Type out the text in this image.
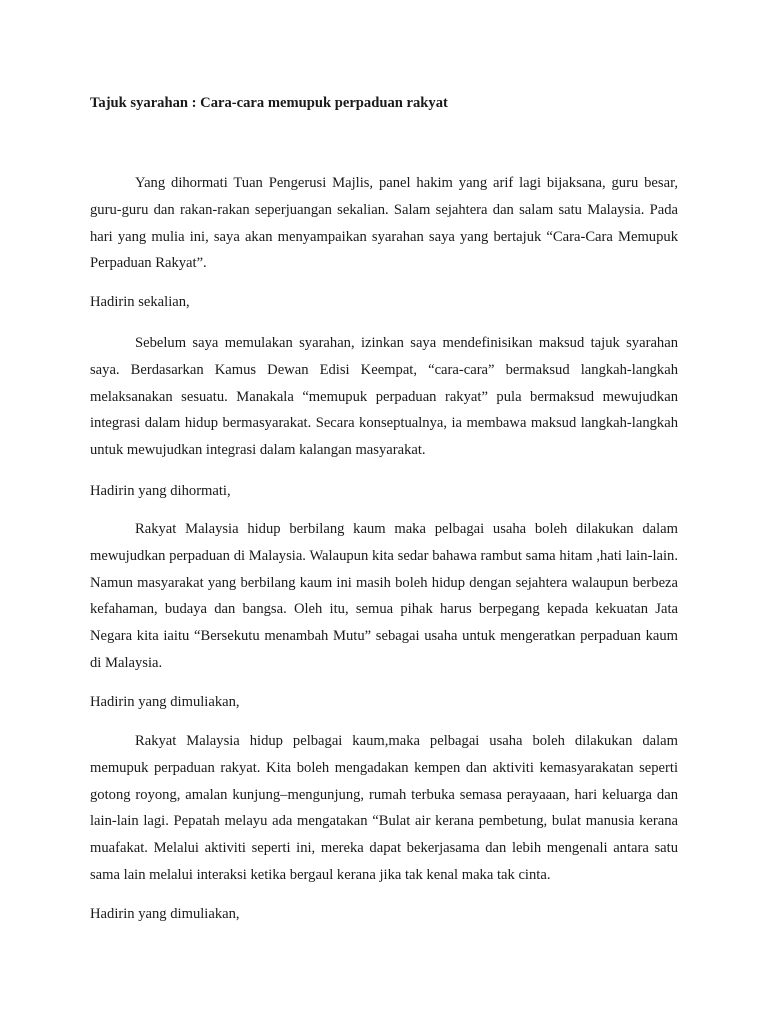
Tajuk syarahan : Cara-cara memupuk perpaduan rakyat

Yang dihormati Tuan Pengerusi Majlis, panel hakim yang arif lagi bijaksana, guru besar, guru-guru dan rakan-rakan seperjuangan sekalian. Salam sejahtera dan salam satu Malaysia. Pada hari yang mulia ini, saya akan menyampaikan syarahan saya yang bertajuk “Cara-Cara Memupuk Perpaduan Rakyat”.

Hadirin sekalian,

Sebelum saya memulakan syarahan, izinkan saya mendefinisikan maksud tajuk syarahan saya. Berdasarkan Kamus Dewan Edisi Keempat, “cara-cara” bermaksud langkah-langkah melaksanakan sesuatu. Manakala “memupuk perpaduan rakyat” pula bermaksud mewujudkan integrasi dalam hidup bermasyarakat. Secara konseptualnya, ia membawa maksud langkah-langkah untuk mewujudkan integrasi dalam kalangan masyarakat.

Hadirin yang dihormati,

Rakyat Malaysia hidup berbilang kaum maka pelbagai usaha boleh dilakukan dalam mewujudkan perpaduan di Malaysia. Walaupun kita sedar bahawa rambut sama hitam ,hati lain-lain. Namun masyarakat yang berbilang kaum ini masih boleh hidup dengan sejahtera walaupun berbeza kefahaman, budaya dan bangsa. Oleh itu, semua pihak harus berpegang kepada kekuatan Jata Negara kita iaitu “Bersekutu menambah Mutu” sebagai usaha untuk mengeratkan perpaduan kaum di Malaysia.

Hadirin yang dimuliakan,

Rakyat Malaysia hidup pelbagai kaum,maka pelbagai usaha boleh dilakukan dalam memupuk perpaduan rakyat. Kita boleh mengadakan kempen dan aktiviti kemasyarakatan seperti gotong royong, amalan kunjung–mengunjung, rumah terbuka semasa perayaaan, hari keluarga dan lain-lain lagi. Pepatah melayu ada mengatakan “Bulat air kerana pembetung, bulat manusia kerana muafakat. Melalui aktiviti seperti ini, mereka dapat bekerjasama dan lebih mengenali antara satu sama lain melalui interaksi ketika bergaul kerana jika tak kenal maka tak cinta.

Hadirin yang dimuliakan,
